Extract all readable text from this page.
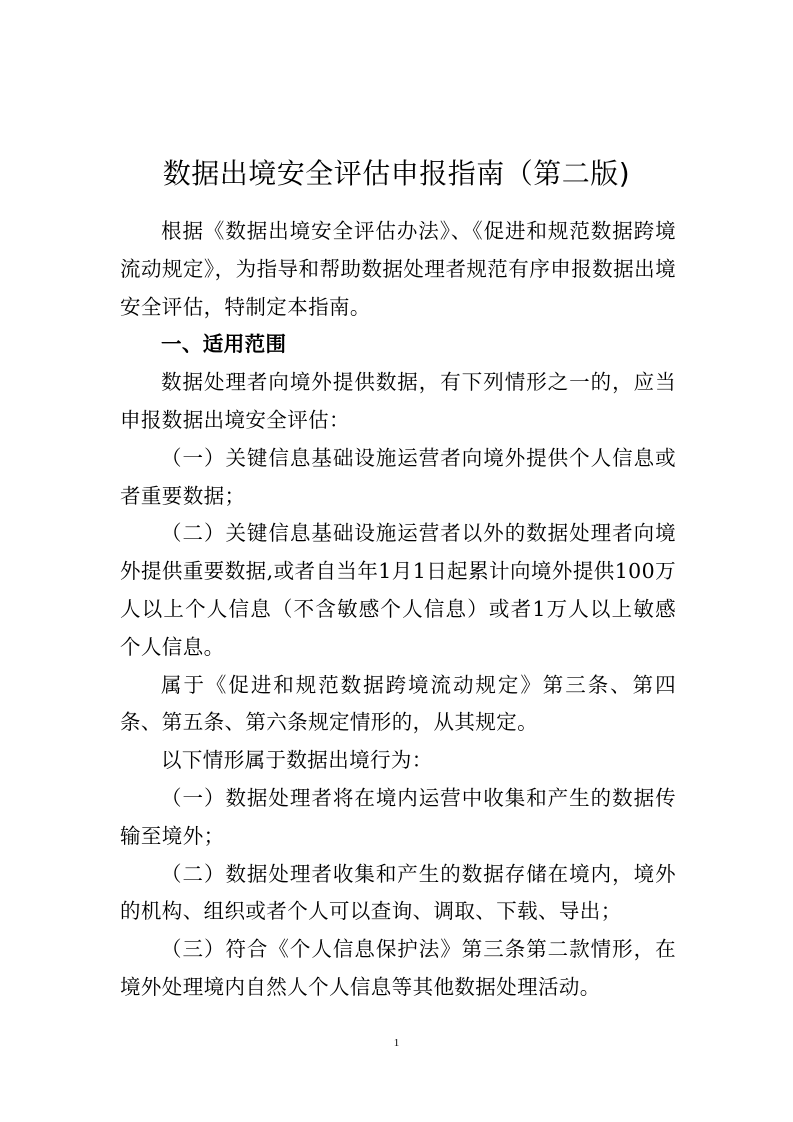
数据出境安全评估申报指南（第二版)

根据《数据出境安全评估办法》、《促进和规范数据跨境流动规定》，为指导和帮助数据处理者规范有序申报数据出境安全评估，特制定本指南。

一、适用范围

数据处理者向境外提供数据，有下列情形之一的，应当申报数据出境安全评估：

（一）关键信息基础设施运营者向境外提供个人信息或者重要数据；

（二）关键信息基础设施运营者以外的数据处理者向境外提供重要数据,或者自当年1月1日起累计向境外提供100万人以上个人信息（不含敏感个人信息）或者1万人以上敏感个人信息。

属于《促进和规范数据跨境流动规定》第三条、第四条、第五条、第六条规定情形的，从其规定。

以下情形属于数据出境行为：

（一）数据处理者将在境内运营中收集和产生的数据传输至境外；

（二）数据处理者收集和产生的数据存储在境内，境外的机构、组织或者个人可以查询、调取、下载、导出；

（三）符合《个人信息保护法》第三条第二款情形，在境外处理境内自然人个人信息等其他数据处理活动。

1
